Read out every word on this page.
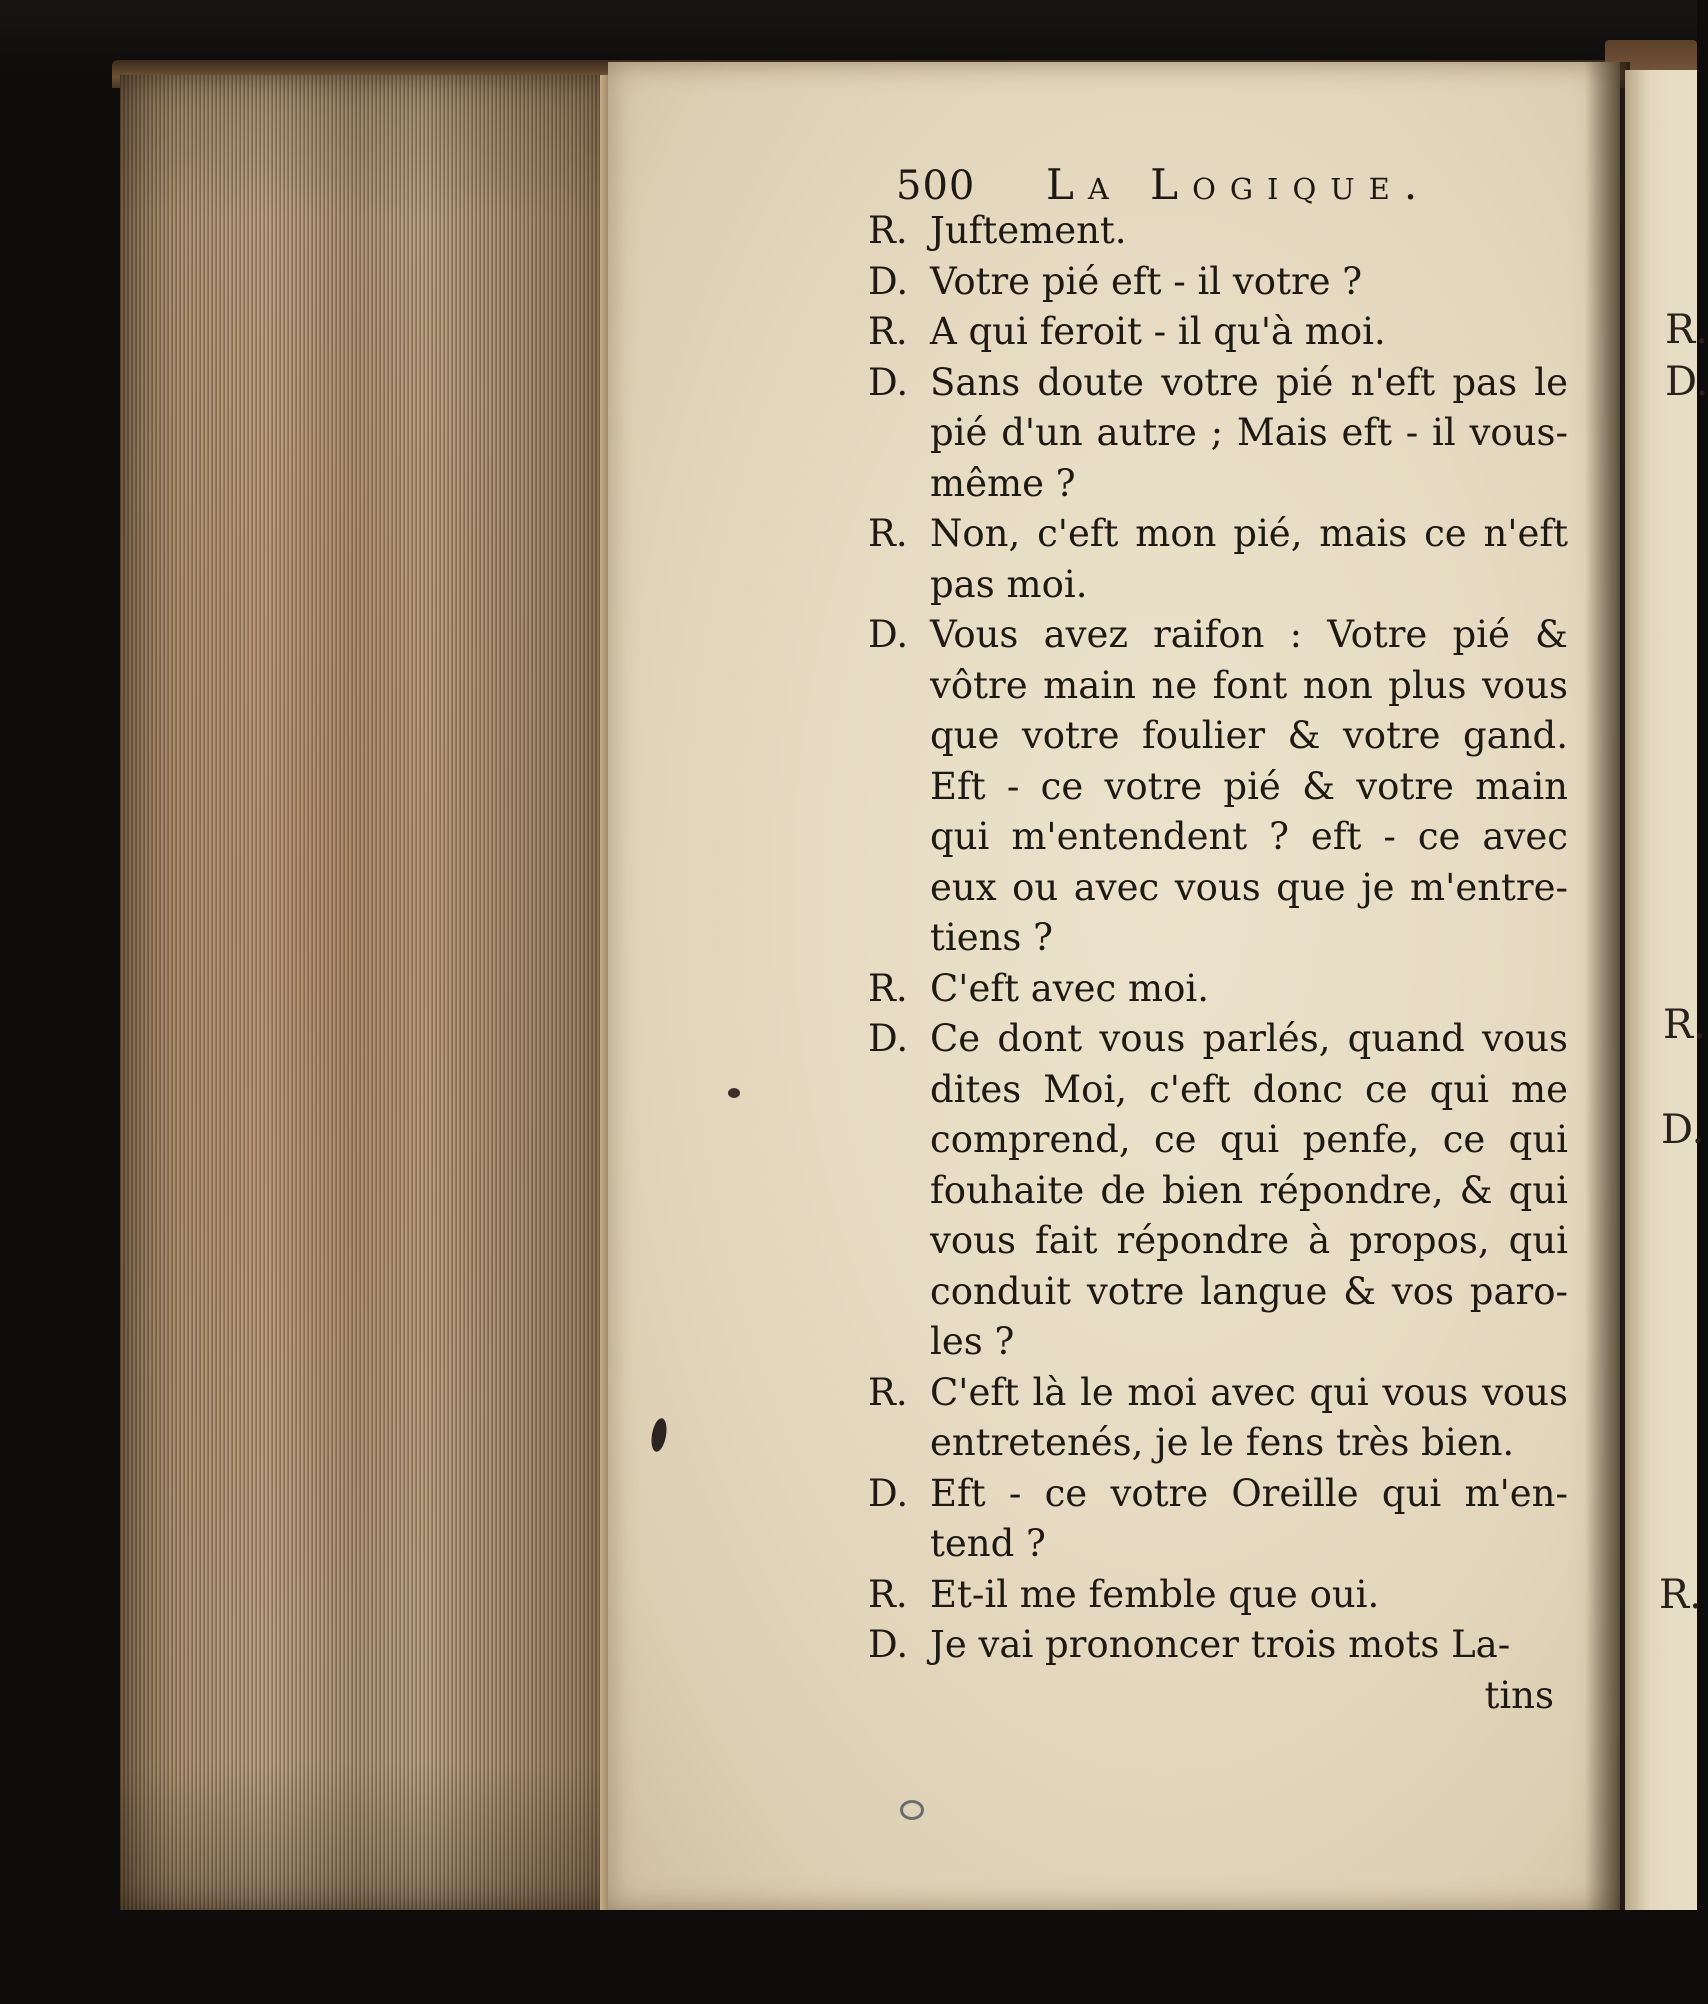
R.
D.
R.
D.
R.
500	La Logique.
R. Juftement.
D. Votre pié eft - il votre ?
R. A qui feroit - il qu'à moi.
D. Sans doute votre pié n'eft pas le
pié d'un autre ; Mais eft - il vous-
même ?
R. Non, c'eft mon pié, mais ce n'eft
pas moi.
D. Vous avez raifon : Votre pié &
vôtre main ne font non plus vous
que votre foulier & votre gand.
Eft - ce votre pié & votre main
qui m'entendent ? eft - ce avec
eux ou avec vous que je m'entre-
tiens ?
R. C'eft avec moi.
D. Ce dont vous parlés, quand vous
dites Moi, c'eft donc ce qui me
comprend, ce qui penfe, ce qui
fouhaite de bien répondre, & qui
vous fait répondre à propos, qui
conduit votre langue & vos paro-
les ?
R. C'eft là le moi avec qui vous vous
entretenés, je le fens très bien.
D. Eft - ce votre Oreille qui m'en-
tend ?
R. Et-il me femble que oui.
D. Je vai prononcer trois mots La-
tins
